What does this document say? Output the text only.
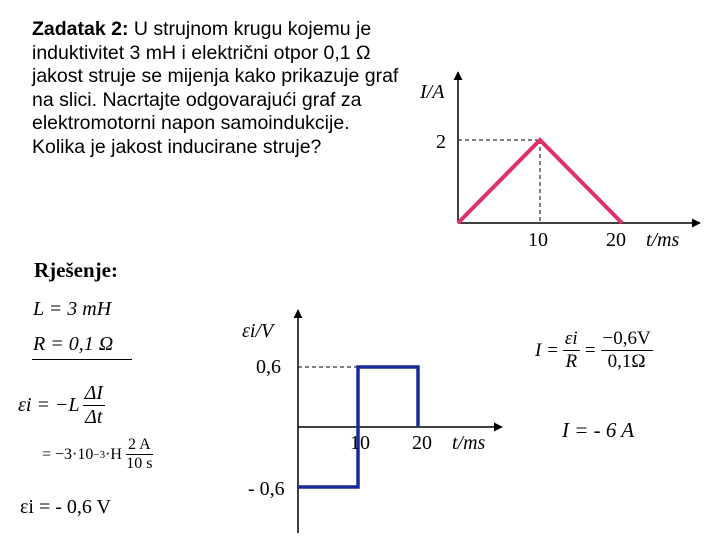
Zadatak 2: U strujnom krugu kojemu je induktivitet 3 mH i električni otpor 0,1 Ω jakost struje se mijenja kako prikazuje graf na slici. Nacrtajte odgovarajući graf za elektromotorni napon samoindukcije. Kolika je jakost inducirane struje?
I/A
2
10	20 t/ms
Rješenje:
L = 3 mH
R = 0,1 Ω
$\varepsilon i = -L \frac{\Delta I}{\Delta t}$
= $-3\cdot 10 -3 \cdot H \frac{2 A}{10 s}$
εi = - 0,6 V
εi/V
0,6
- 0,6
10 20 t/ms
$I = \frac{\varepsilon i}{R} = \frac{-0,6V}{0,1\Omega}$
I = - 6 A
